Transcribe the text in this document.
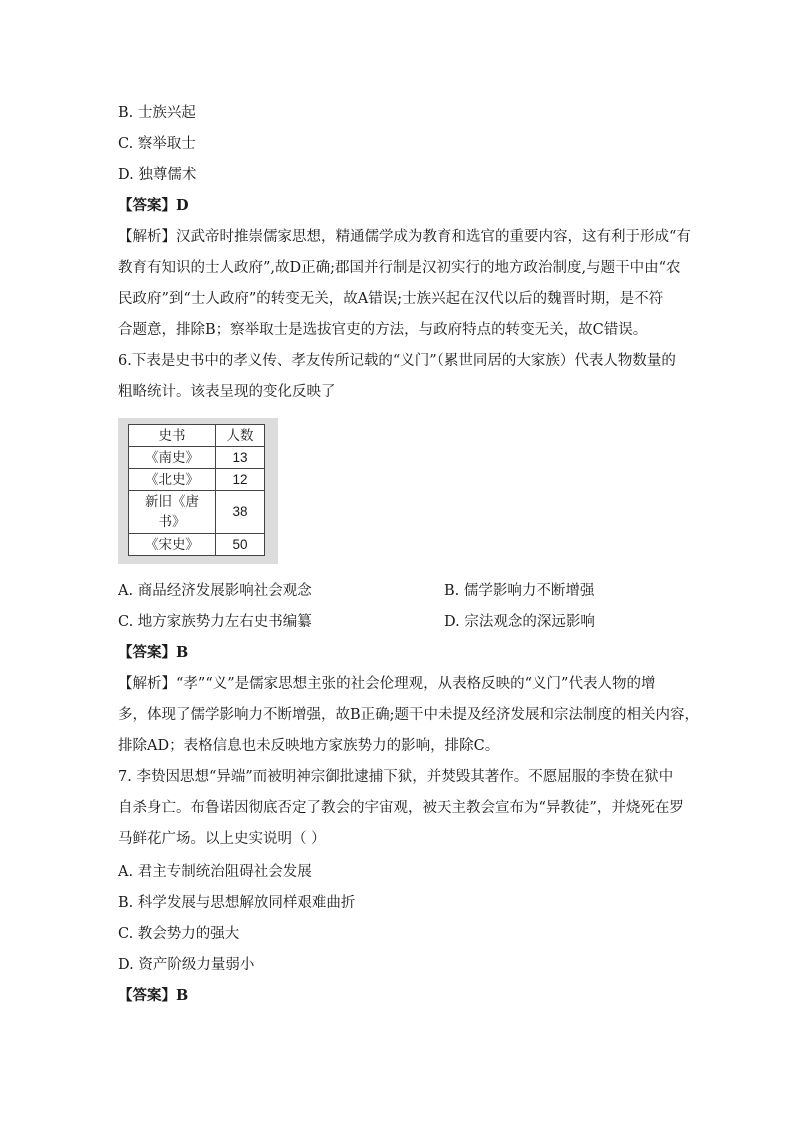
B. 士族兴起
C. 察举取士
D. 独尊儒术
【答案】D
【解析】汉武帝时推崇儒家思想，精通儒学成为教育和选官的重要内容，这有利于形成“有
教育有知识的士人政府”,故D正确;郡国并行制是汉初实行的地方政治制度,与题干中由“农
民政府”到“士人政府”的转变无关，故A错误;士族兴起在汉代以后的魏晋时期，是不符
合题意，排除B；察举取士是选拔官吏的方法，与政府特点的转变无关，故C错误。
6.下表是史书中的孝义传、孝友传所记载的“义门”（累世同居的大家族）代表人物数量的
粗略统计。该表呈现的变化反映了
史书	人数
《南史》	13
《北史》	12

新旧《唐
书》	38
《宋史》	50
A. 商品经济发展影响社会观念	B. 儒学影响力不断增强
C. 地方家族势力左右史书编纂	D. 宗法观念的深远影响
【答案】B
【解析】“孝”“义”是儒家思想主张的社会伦理观，从表格反映的“义门”代表人物的增
多，体现了儒学影响力不断增强，故B正确;题干中未提及经济发展和宗法制度的相关内容，
排除AD；表格信息也未反映地方家族势力的影响，排除C。
7. 李贽因思想“异端”而被明神宗御批逮捕下狱，并焚毁其著作。不愿屈服的李贽在狱中
自杀身亡。布鲁诺因彻底否定了教会的宇宙观，被天主教会宣布为“异教徒”，并烧死在罗
马鲜花广场。以上史实说明（ ）
A. 君主专制统治阻碍社会发展
B. 科学发展与思想解放同样艰难曲折
C. 教会势力的强大
D. 资产阶级力量弱小
【答案】B
